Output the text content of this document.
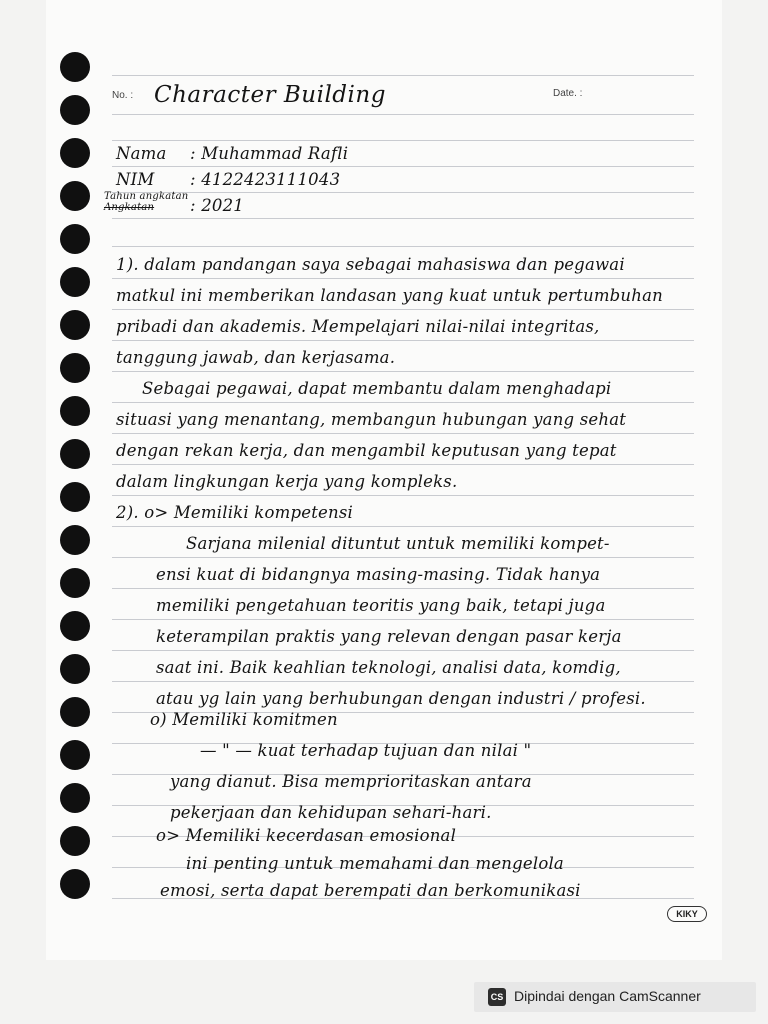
No. :	Date. :
Character Building
Nama : Muhammad Rafli
NIM : 4122423111043
Tahun angkatan
Angkatan : 2021
1). dalam pandangan saya sebagai mahasiswa dan pegawai
matkul ini memberikan landasan yang kuat untuk pertumbuhan
pribadi dan akademis. Mempelajari nilai-nilai integritas,
tanggung jawab, dan kerjasama.
Sebagai pegawai, dapat membantu dalam menghadapi
situasi yang menantang, membangun hubungan yang sehat
dengan rekan kerja, dan mengambil keputusan yang tepat
dalam lingkungan kerja yang kompleks.
2). o> Memiliki kompetensi
Sarjana milenial dituntut untuk memiliki kompet-
ensi kuat di bidangnya masing-masing. Tidak hanya
memiliki pengetahuan teoritis yang baik, tetapi juga
keterampilan praktis yang relevan dengan pasar kerja
saat ini. Baik keahlian teknologi, analisi data, komdig,
atau yg lain yang berhubungan dengan industri / profesi.
o) Memiliki komitmen
— " — kuat terhadap tujuan dan nilai "
yang dianut. Bisa memprioritaskan antara
pekerjaan dan kehidupan sehari-hari.
o> Memiliki kecerdasan emosional
ini penting untuk memahami dan mengelola
emosi, serta dapat berempati dan berkomunikasi
KIKY
CS Dipindai dengan CamScanner
